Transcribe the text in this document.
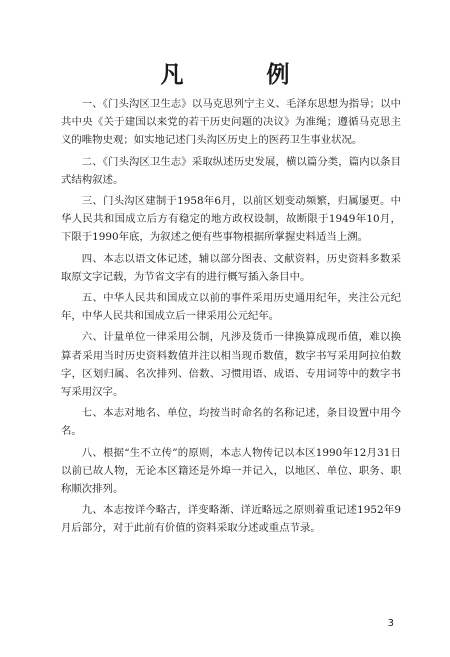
凡　例

一、《门头沟区卫生志》以马克思列宁主义、毛泽东思想为指导；以中共中央《关于建国以来党的若干历史问题的决议》为准绳；遵循马克思主义的唯物史观；如实地记述门头沟区历史上的医药卫生事业状况。

二、《门头沟区卫生志》采取纵述历史发展，横以篇分类，篇内以条目式结构叙述。

三、门头沟区建制于1958年6月，以前区划变动频繁，归属屡更。中华人民共和国成立后方有稳定的地方政权设制，故断限于1949年10月，下限于1990年底，为叙述之便有些事物根据所掌握史料适当上溯。

四、本志以语文体记述，辅以部分图表、文献资料，历史资料多数采取原文字记载，为节省文字有的进行概写插入条目中。

五、中华人民共和国成立以前的事件采用历史通用纪年，夹注公元纪年，中华人民共和国成立后一律采用公元纪年。

六、计量单位一律采用公制，凡涉及货币一律换算成现币值，难以换算者采用当时历史资料数值并注以相当现币数值，数字书写采用阿拉伯数字，区划归属、名次排列、倍数、习惯用语、成语、专用词等中的数字书写采用汉字。

七、本志对地名、单位，均按当时命名的名称记述，条目设置中用今名。

八、根据“生不立传”的原则，本志人物传记以本区1990年12月31日以前已故人物，无论本区籍还是外埠一并记入，以地区、单位、职务、职称顺次排列。

九、本志按详今略古，详变略渐、详近略远之原则着重记述1952年9月后部分，对于此前有价值的资料采取分述或重点节录。

3
